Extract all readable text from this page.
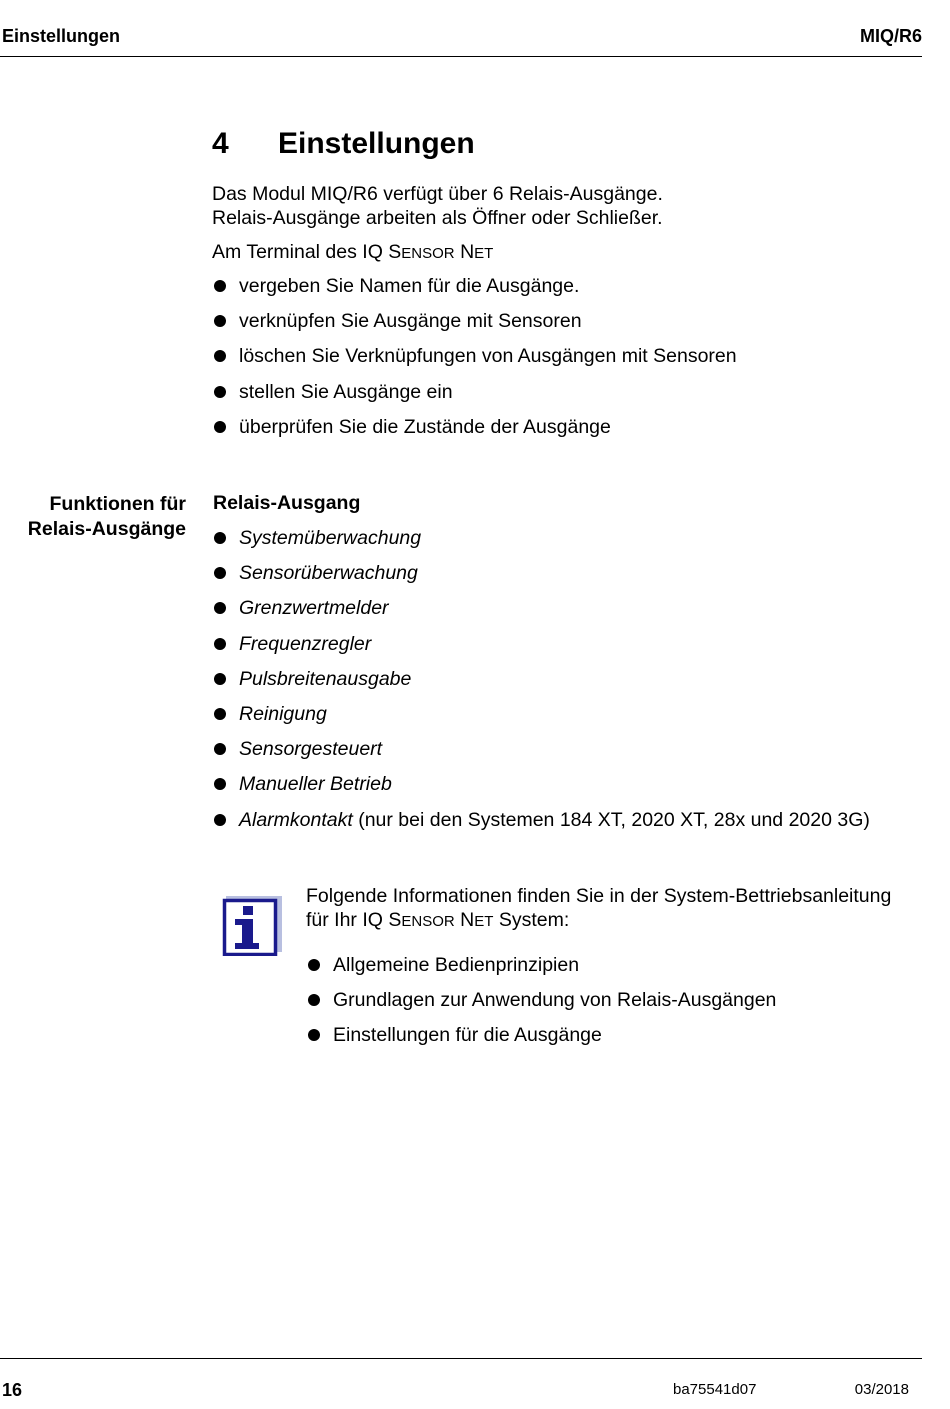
Einstellungen	MIQ/R6
4 Einstellungen
Das Modul MIQ/R6 verfügt über 6 Relais-Ausgänge.
Relais-Ausgänge arbeiten als Öffner oder Schließer.
Am Terminal des IQ SENSOR NET
vergeben Sie Namen für die Ausgänge.
verknüpfen Sie Ausgänge mit Sensoren
löschen Sie Verknüpfungen von Ausgängen mit Sensoren
stellen Sie Ausgänge ein
überprüfen Sie die Zustände der Ausgänge
Funktionen für
Relais-Ausgänge
Relais-Ausgang
Systemüberwachung
Sensorüberwachung
Grenzwertmelder
Frequenzregler
Pulsbreitenausgabe
Reinigung
Sensorgesteuert
Manueller Betrieb
Alarmkontakt (nur bei den Systemen 184 XT, 2020 XT, 28x und 2020 3G)
Folgende Informationen finden Sie in der System-Bettriebsanleitung
für Ihr IQ SENSOR NET System:
Allgemeine Bedienprinzipien
Grundlagen zur Anwendung von Relais-Ausgängen
Einstellungen für die Ausgänge
16	ba75541d07	03/2018
